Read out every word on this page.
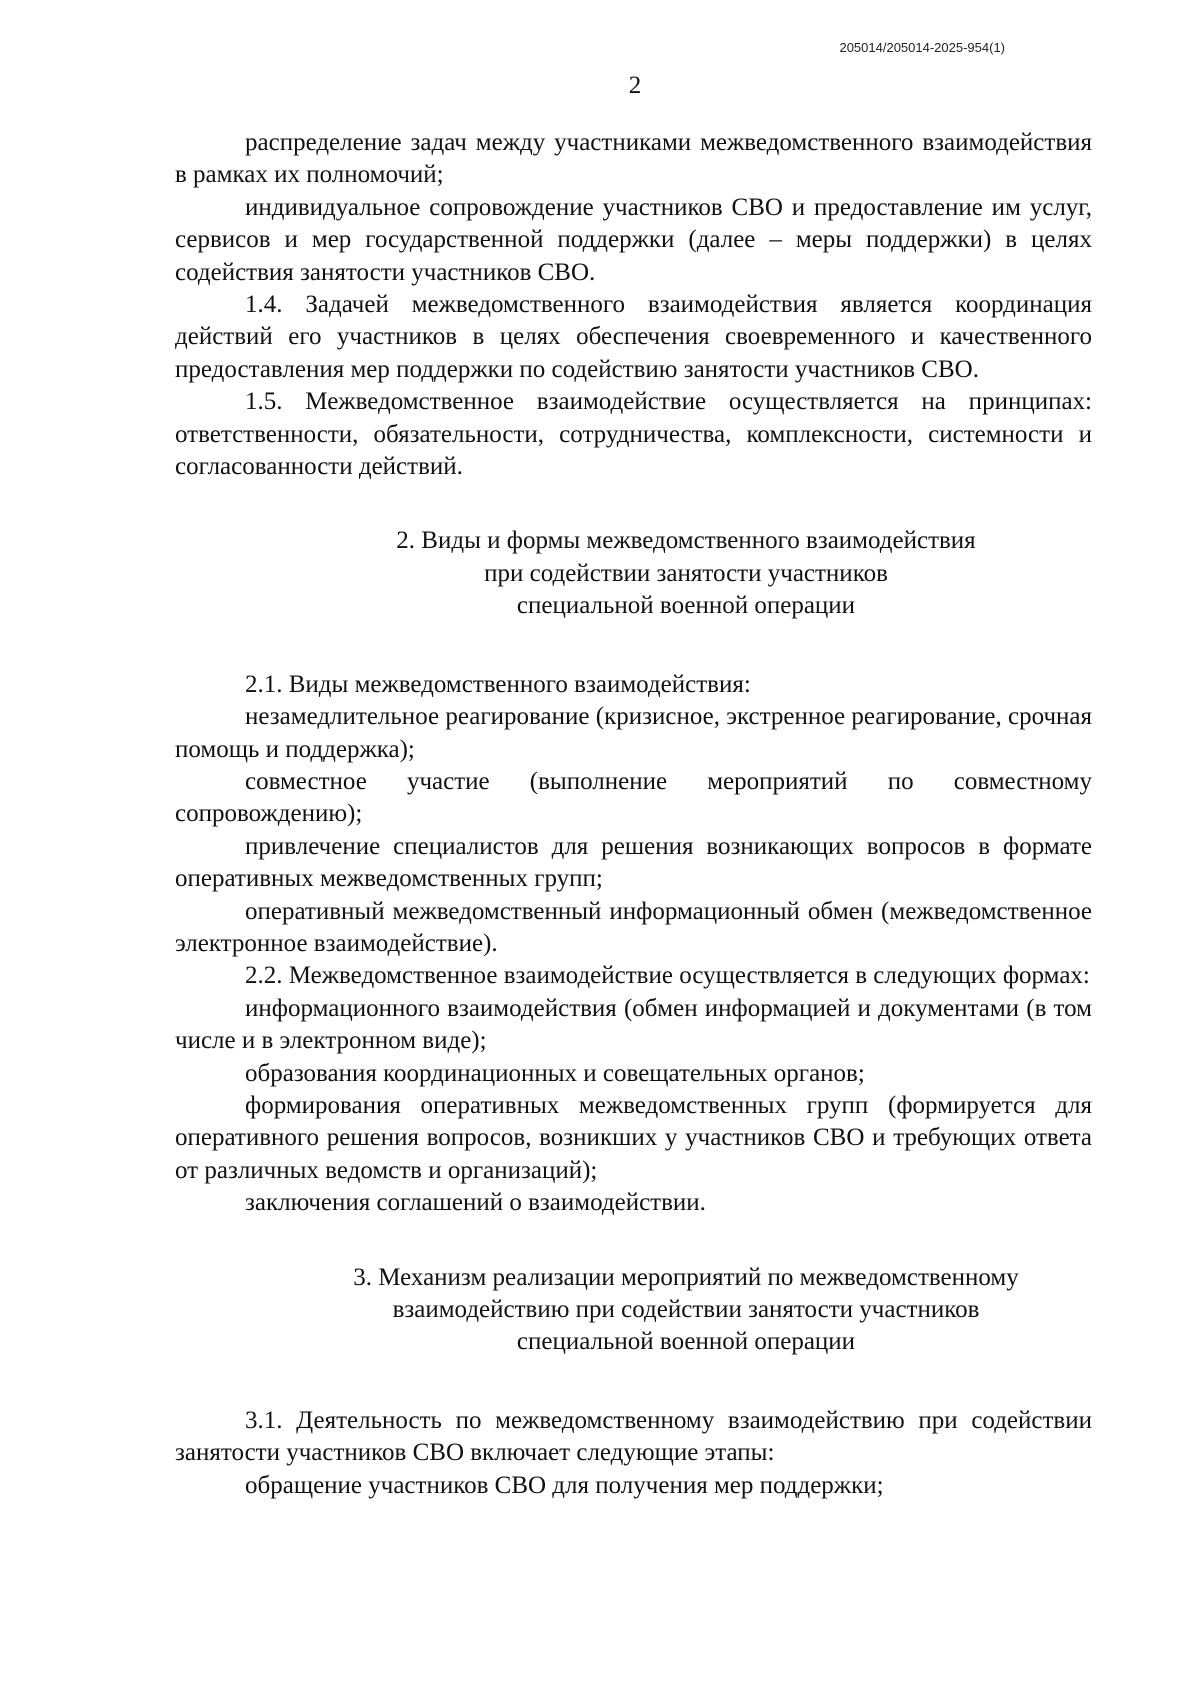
205014/205014-2025-954(1)
2

распределение задач между участниками межведомственного взаимодействия в рамках их полномочий;

индивидуальное сопровождение участников СВО и предоставление им услуг, сервисов и мер государственной поддержки (далее – меры поддержки) в целях содействия занятости участников СВО.

1.4. Задачей межведомственного взаимодействия является координация действий его участников в целях обеспечения своевременного и качественного предоставления мер поддержки по содействию занятости участников СВО.

1.5. Межведомственное взаимодействие осуществляется на принципах: ответственности, обязательности, сотрудничества, комплексности, системности и согласованности действий.

2. Виды и формы межведомственного взаимодействия
при содействии занятости участников
специальной военной операции

2.1. Виды межведомственного взаимодействия:

незамедлительное реагирование (кризисное, экстренное реагирование, срочная помощь и поддержка);

совместное участие (выполнение мероприятий по совместному сопровождению);

привлечение специалистов для решения возникающих вопросов в формате оперативных межведомственных групп;

оперативный межведомственный информационный обмен (межведомственное электронное взаимодействие).

2.2. Межведомственное взаимодействие осуществляется в следующих формах:

информационного взаимодействия (обмен информацией и документами (в том числе и в электронном виде);

образования координационных и совещательных органов;

формирования оперативных межведомственных групп (формируется для оперативного решения вопросов, возникших у участников СВО и требующих ответа от различных ведомств и организаций);

заключения соглашений о взаимодействии.

3. Механизм реализации мероприятий по межведомственному
взаимодействию при содействии занятости участников
специальной военной операции

3.1. Деятельность по межведомственному взаимодействию при содействии занятости участников СВО включает следующие этапы:

обращение участников СВО для получения мер поддержки;
